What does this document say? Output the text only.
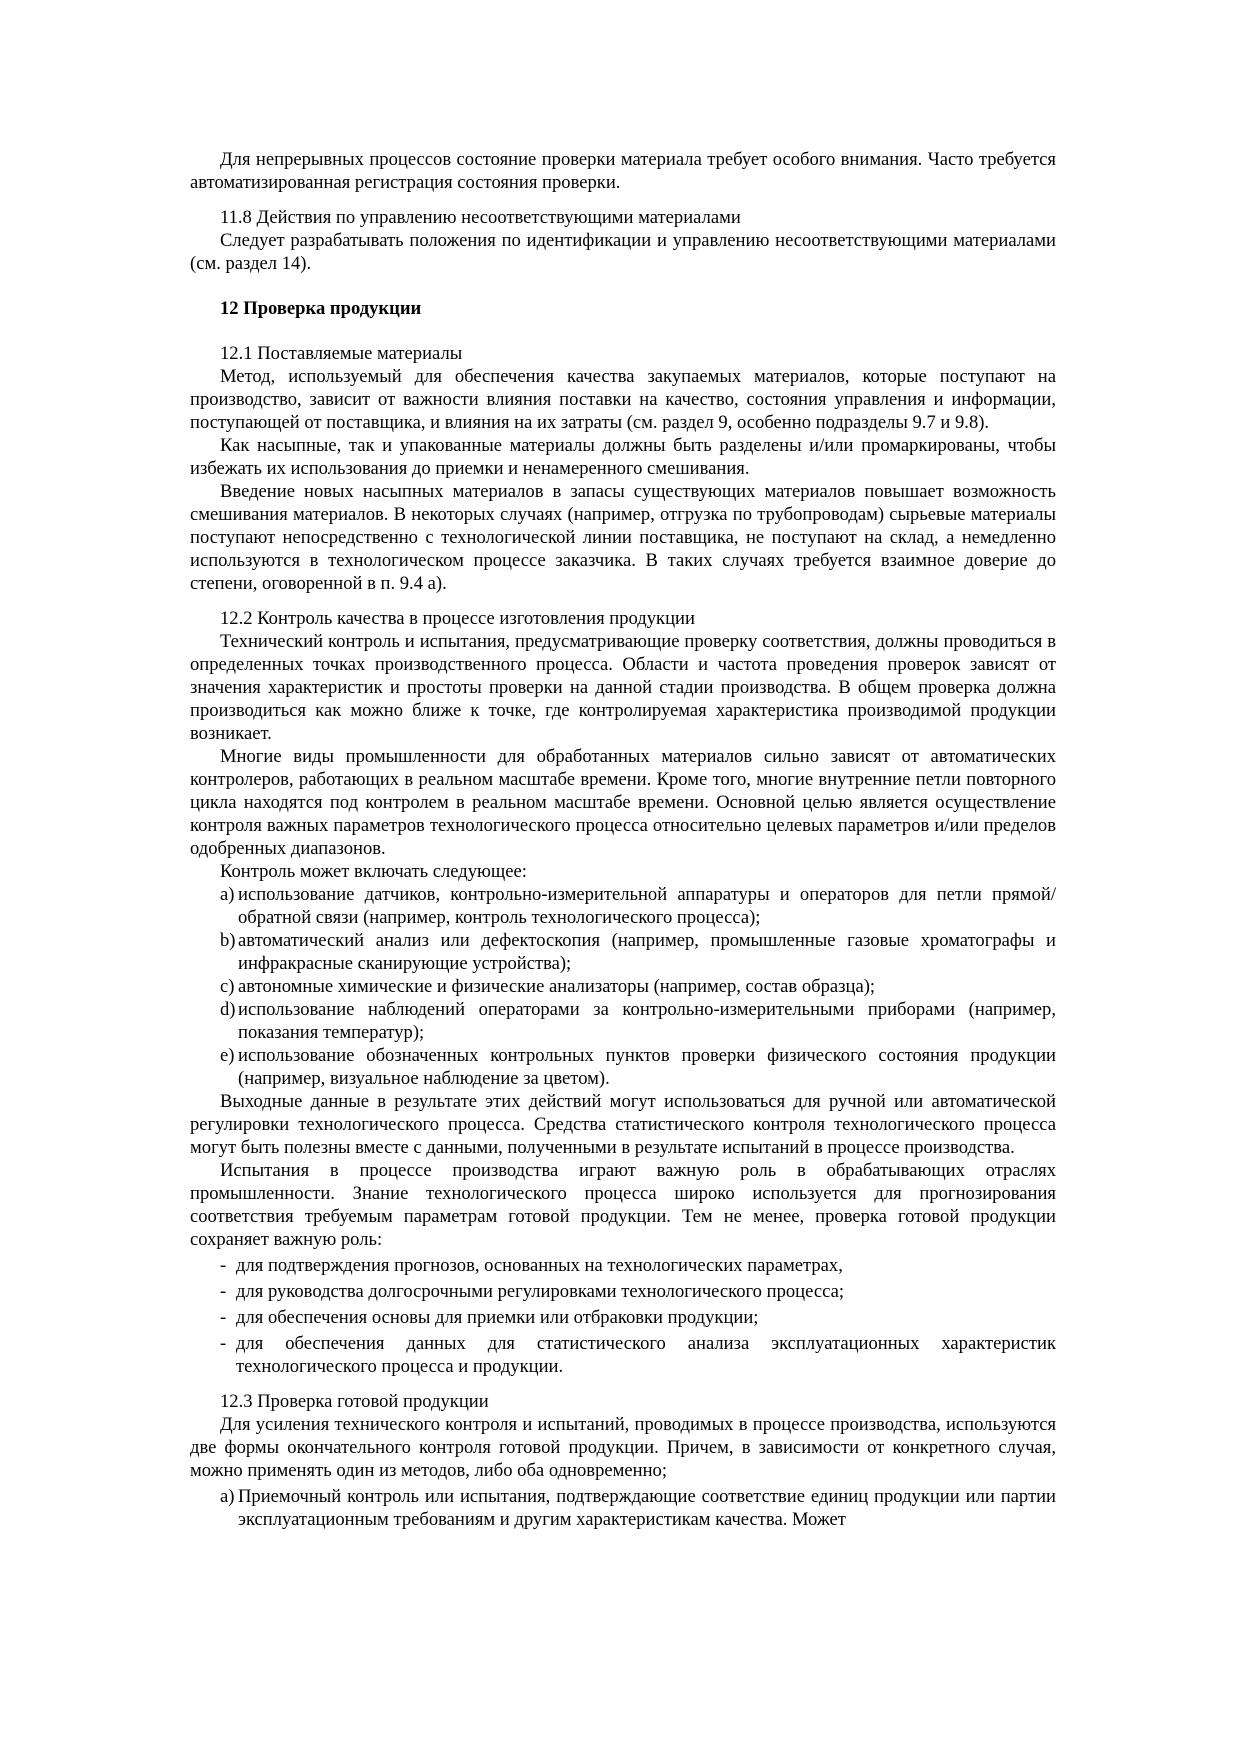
Для непрерывных процессов состояние проверки материала требует особого внимания. Часто требуется автоматизированная регистрация состояния проверки.

11.8 Действия по управлению несоответствующими материалами

Следует разрабатывать положения по идентификации и управлению несоответствующими материалами (см. раздел 14).

12 Проверка продукции

12.1 Поставляемые материалы

Метод, используемый для обеспечения качества закупаемых материалов, которые поступают на производство, зависит от важности влияния поставки на качество, состояния управления и информации, поступающей от поставщика, и влияния на их затраты (см. раздел 9, особенно подразделы 9.7 и 9.8).

Как насыпные, так и упакованные материалы должны быть разделены и/или промаркированы, чтобы избежать их использования до приемки и ненамеренного смешивания.

Введение новых насыпных материалов в запасы существующих материалов повышает возможность смешивания материалов. В некоторых случаях (например, отгрузка по трубопроводам) сырьевые материалы поступают непосредственно с технологической линии поставщика, не поступают на склад, а немедленно используются в технологическом процессе заказчика. В таких случаях требуется взаимное доверие до степени, оговоренной в п. 9.4 а).

12.2 Контроль качества в процессе изготовления продукции

Технический контроль и испытания, предусматривающие проверку соответствия, должны проводиться в определенных точках производственного процесса. Области и частота проведения проверок зависят от значения характеристик и простоты проверки на данной стадии производства. В общем проверка должна производиться как можно ближе к точке, где контролируемая характеристика производимой продукции возникает.

Многие виды промышленности для обработанных материалов сильно зависят от автоматических контролеров, работающих в реальном масштабе времени. Кроме того, многие внутренние петли повторного цикла находятся под контролем в реальном масштабе времени. Основной целью является осуществление контроля важных параметров технологического процесса относительно целевых параметров и/или пределов одобренных диапазонов.

Контроль может включать следующее:

a) использование датчиков, контрольно-измерительной аппаратуры и операторов для петли прямой/обратной связи (например, контроль технологического процесса);

b) автоматический анализ или дефектоскопия (например, промышленные газовые хроматографы и инфракрасные сканирующие устройства);

c) автономные химические и физические анализаторы (например, состав образца);

d) использование наблюдений операторами за контрольно-измерительными приборами (например, показания температур);

e) использование обозначенных контрольных пунктов проверки физического состояния продукции (например, визуальное наблюдение за цветом).

Выходные данные в результате этих действий могут использоваться для ручной или автоматической регулировки технологического процесса. Средства статистического контроля технологического процесса могут быть полезны вместе с данными, полученными в результате испытаний в процессе производства.

Испытания в процессе производства играют важную роль в обрабатывающих отраслях промышленности. Знание технологического процесса широко используется для прогнозирования соответствия требуемым параметрам готовой продукции. Тем не менее, проверка готовой продукции сохраняет важную роль:

- для подтверждения прогнозов, основанных на технологических параметрах,

- для руководства долгосрочными регулировками технологического процесса;

- для обеспечения основы для приемки или отбраковки продукции;

- для обеспечения данных для статистического анализа эксплуатационных характеристик технологического процесса и продукции.

12.3 Проверка готовой продукции

Для усиления технического контроля и испытаний, проводимых в процессе производства, используются две формы окончательного контроля готовой продукции. Причем, в зависимости от конкретного случая, можно применять один из методов, либо оба одновременно;

a) Приемочный контроль или испытания, подтверждающие соответствие единиц продукции или партии эксплуатационным требованиям и другим характеристикам качества. Может
